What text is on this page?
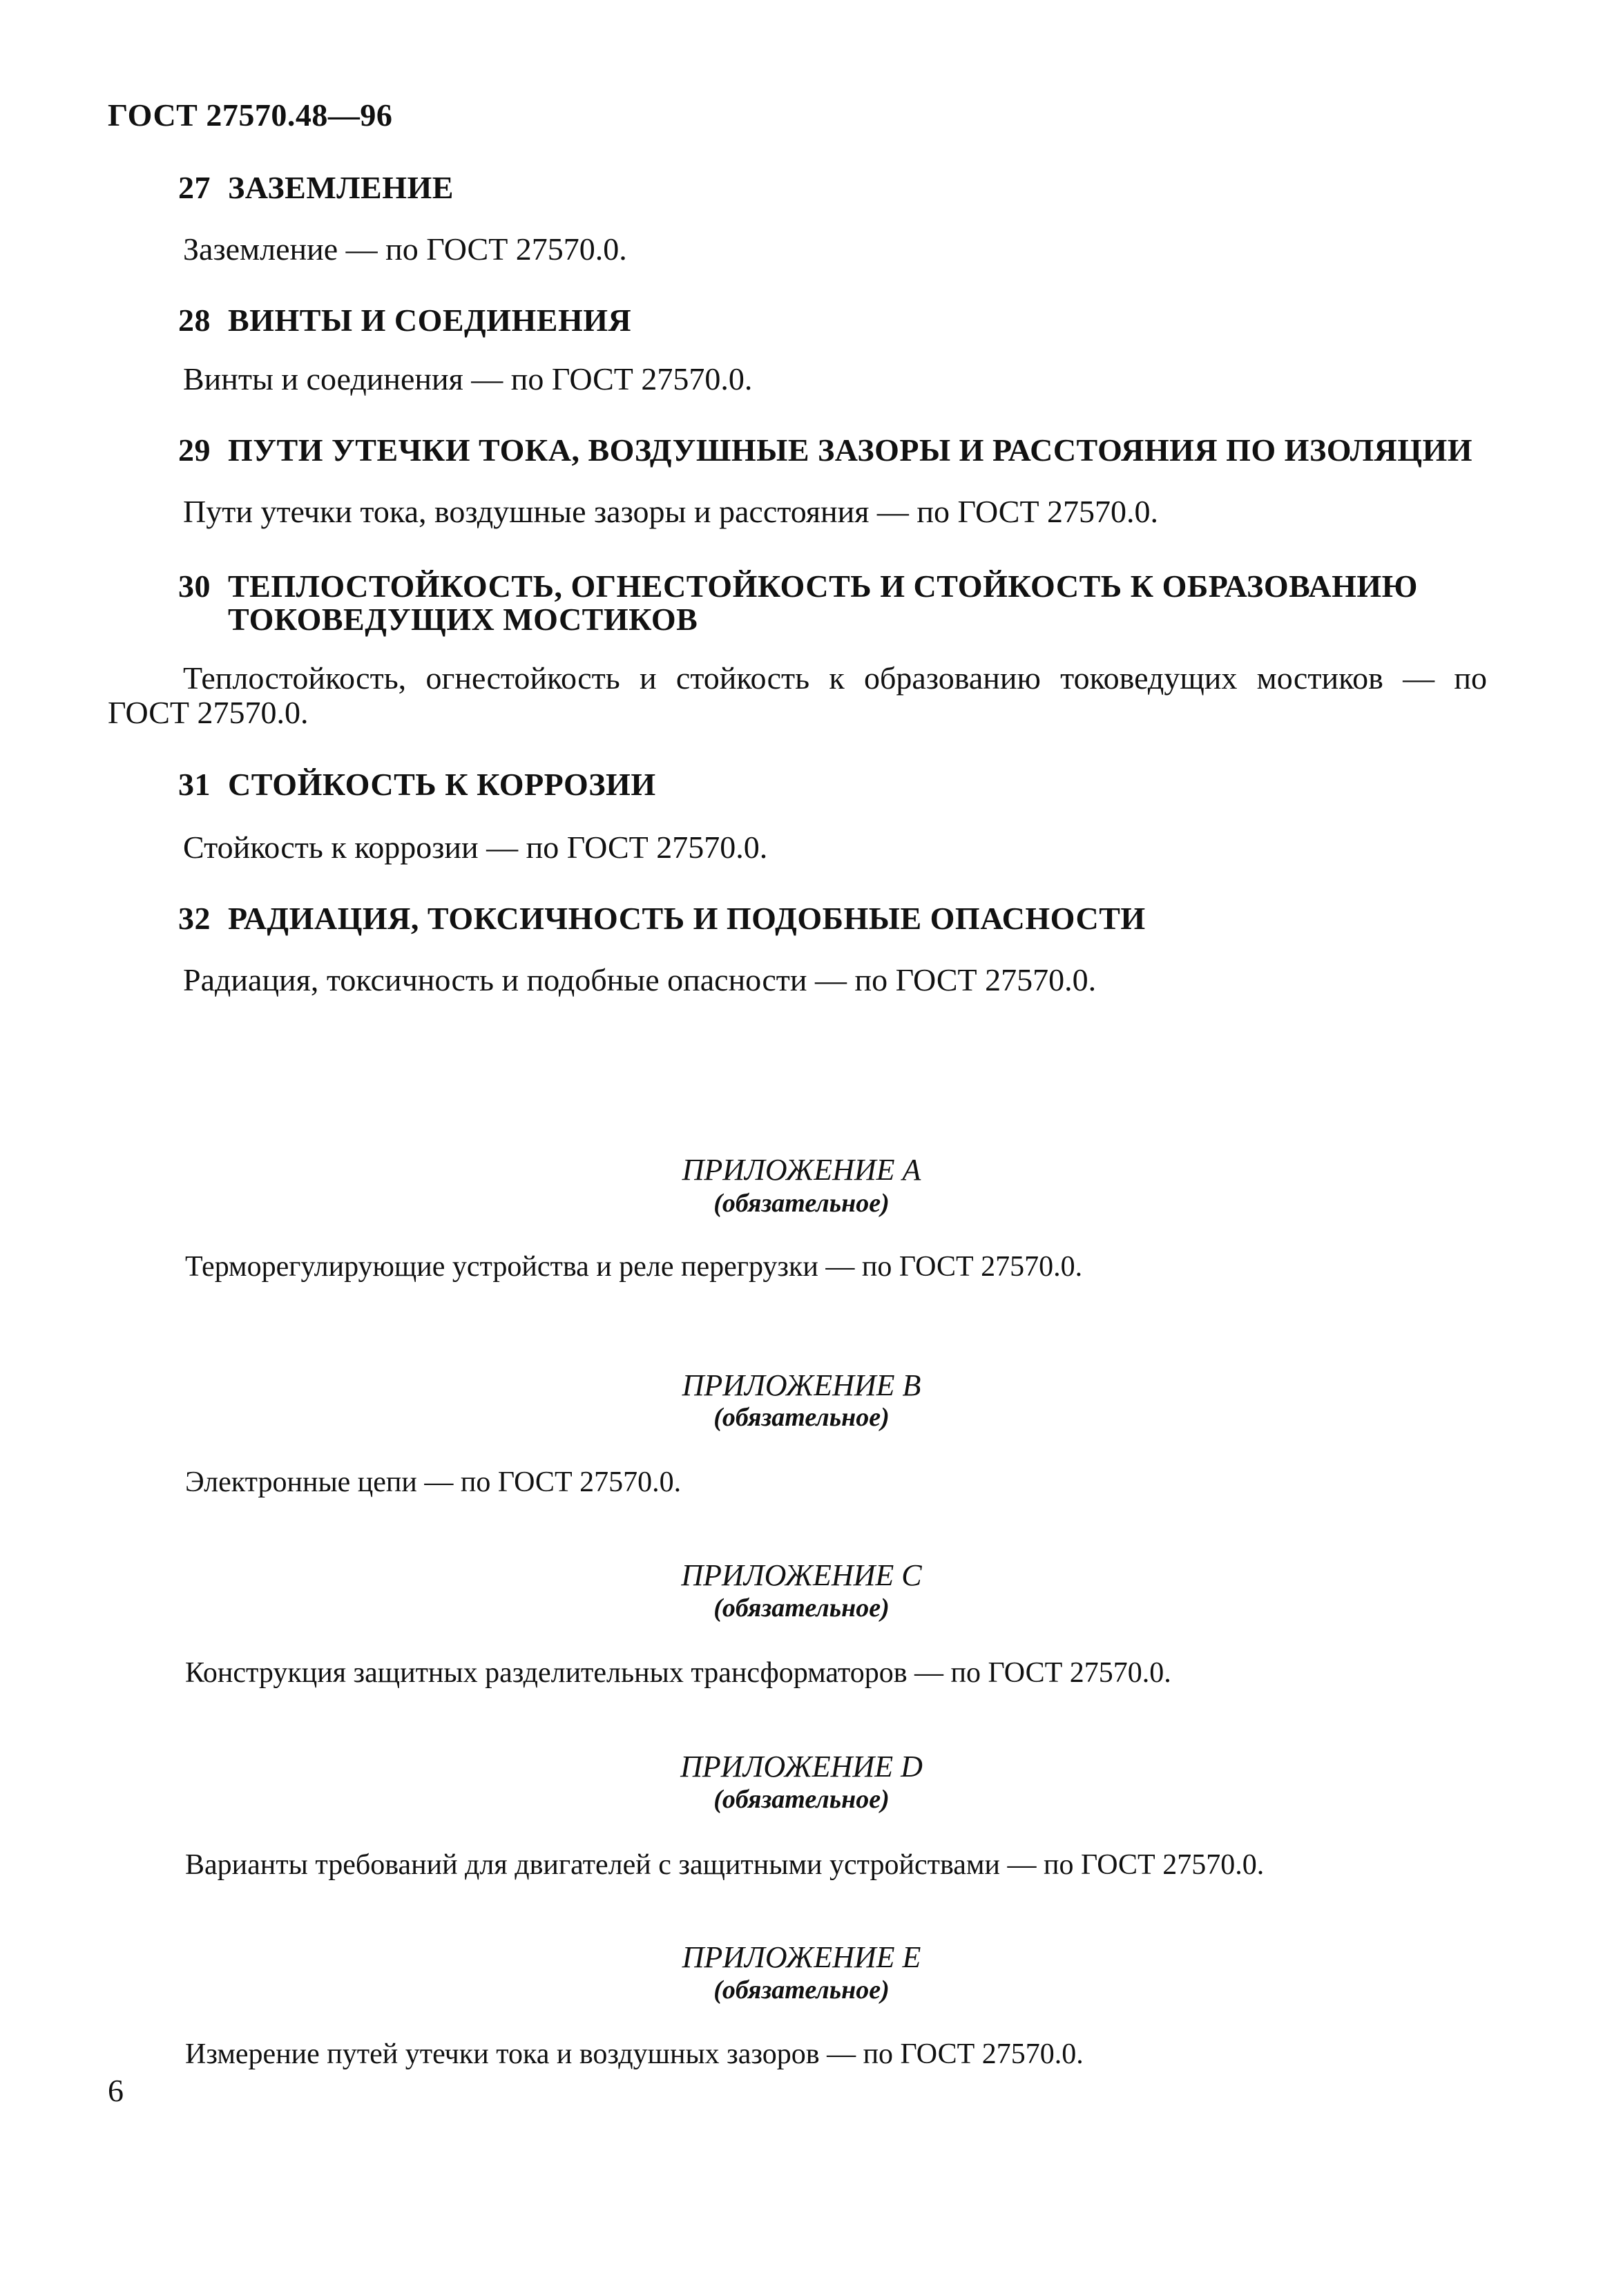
ГОСТ 27570.48—96
27 ЗАЗЕМЛЕНИЕ
Заземление — по ГОСТ 27570.0.
28 ВИНТЫ И СОЕДИНЕНИЯ
Винты и соединения — по ГОСТ 27570.0.
29 ПУТИ УТЕЧКИ ТОКА, ВОЗДУШНЫЕ ЗАЗОРЫ И РАССТОЯНИЯ ПО ИЗОЛЯЦИИ
Пути утечки тока, воздушные зазоры и расстояния — по ГОСТ 27570.0.
30 ТЕПЛОСТОЙКОСТЬ, ОГНЕСТОЙКОСТЬ И СТОЙКОСТЬ К ОБРАЗОВАНИЮ
ТОКОВЕДУЩИХ МОСТИКОВ
Теплостойкость, огнестойкость и стойкость к образованию токоведущих мостиков — по
ГОСТ 27570.0.
31 СТОЙКОСТЬ К КОРРОЗИИ
Стойкость к коррозии — по ГОСТ 27570.0.
32 РАДИАЦИЯ, ТОКСИЧНОСТЬ И ПОДОБНЫЕ ОПАСНОСТИ
Радиация, токсичность и подобные опасности — по ГОСТ 27570.0.
ПРИЛОЖЕНИЕ A
(обязательное)
Терморегулирующие устройства и реле перегрузки — по ГОСТ 27570.0.
ПРИЛОЖЕНИЕ B
(обязательное)
Электронные цепи — по ГОСТ 27570.0.
ПРИЛОЖЕНИЕ C
(обязательное)
Конструкция защитных разделительных трансформаторов — по ГОСТ 27570.0.
ПРИЛОЖЕНИЕ D
(обязательное)
Варианты требований для двигателей с защитными устройствами — по ГОСТ 27570.0.
ПРИЛОЖЕНИЕ E
(обязательное)
Измерение путей утечки тока и воздушных зазоров — по ГОСТ 27570.0.
6
